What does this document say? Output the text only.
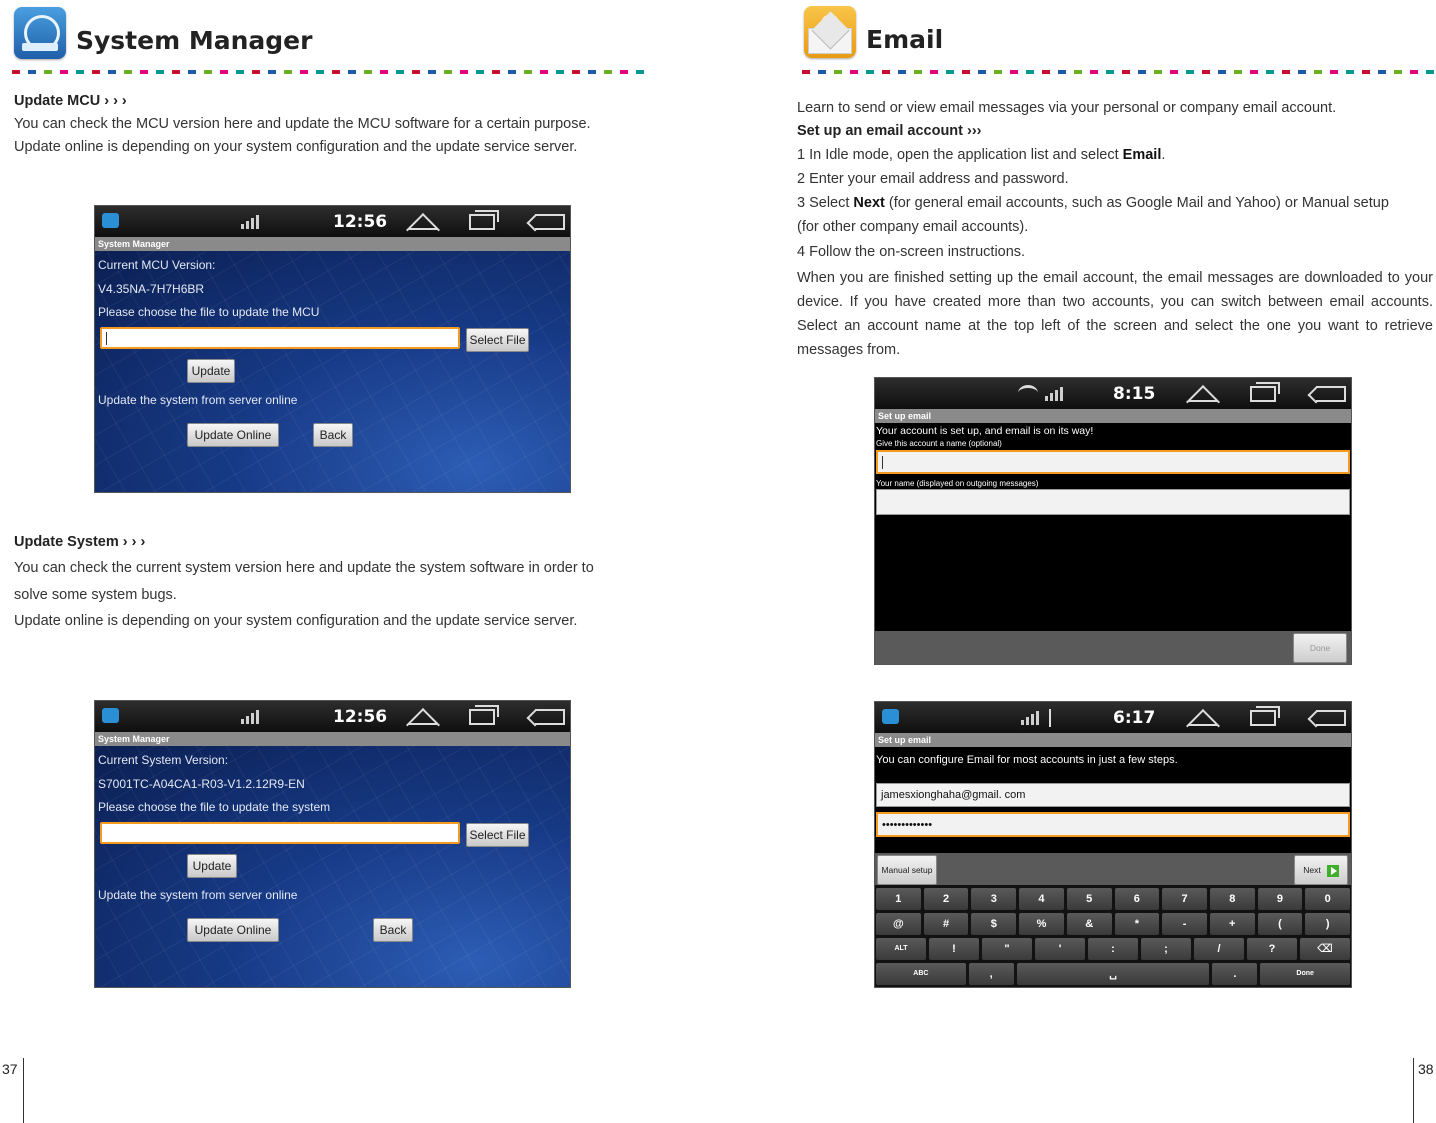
System Manager
Update MCU › › ›
You can check the MCU version here and update the MCU software for a certain purpose.
Update online is depending on your system configuration and the update service server.
12:56
System Manager
Current MCU Version:
V4.35NA-7H7H6BR
Please choose the file to update the MCU
Select File
Update
Update the system from server online
Update Online	Back
Update System › › ›
You can check the current system version here and update the system software in order to
solve some system bugs.
Update online is depending on your system configuration and the update service server.
12:56
System Manager
Current System Version:
S7001TC-A04CA1-R03-V1.2.12R9-EN
Please choose the file to update the system
Select File
Update
Update the system from server online
Update Online	Back
37
Email
Learn to send or view email messages via your personal or company email account.
Set up an email account ›››
1 In Idle mode, open the application list and select Email.
2 Enter your email address and password.
3 Select Next (for general email accounts, such as Google Mail and Yahoo) or Manual setup
(for other company email accounts).
4 Follow the on-screen instructions.
When you are finished setting up the email account, the email messages are downloaded to your device. If you have created more than two accounts, you can switch between email accounts. Select an account name at the top left of the screen and select the one you want to retrieve messages from.
8:15
Set up email
Your account is set up, and email is on its way!
Give this account a name (optional)
Your name (displayed on outgoing messages)
Done
6:17
Set up email
You can configure Email for most accounts in just a few steps.
jamesxionghaha@gmail. com
•••••••••••••
Manual setup	Next
1	2	3	4	5	6	7	8	9	0
@	#	$	%	&	*	-	+	(	)
ALT	!	"	'	:	;	/	?	⌫
ABC	,	␣	.	Done
38
